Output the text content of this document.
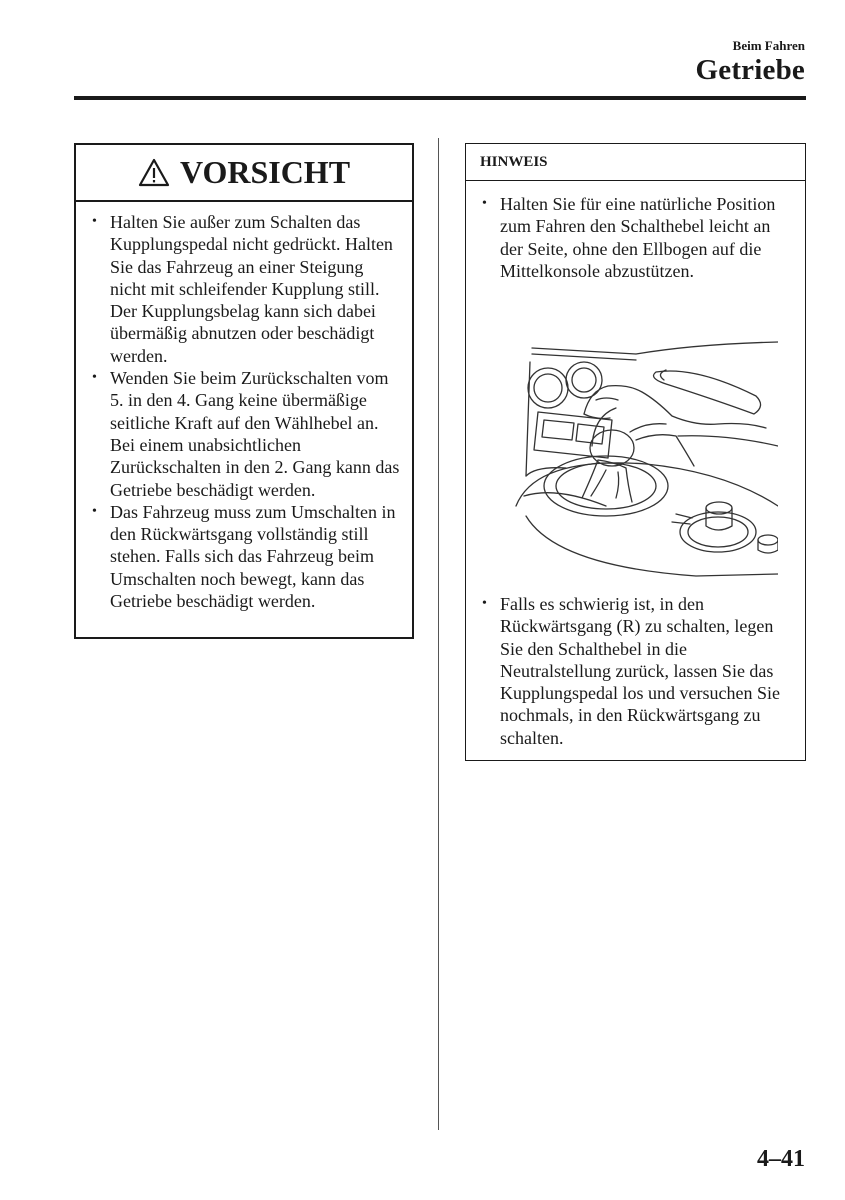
Beim Fahren
Getriebe
VORSICHT
• Halten Sie außer zum Schalten das Kupplungspedal nicht gedrückt. Halten Sie das Fahrzeug an einer Steigung nicht mit schleifender Kupplung still. Der Kupplungsbelag kann sich dabei übermäßig abnutzen oder beschädigt werden.
• Wenden Sie beim Zurückschalten vom 5. in den 4. Gang keine übermäßige seitliche Kraft auf den Wählhebel an. Bei einem unabsichtlichen Zurückschalten in den 2. Gang kann das Getriebe beschädigt werden.
• Das Fahrzeug muss zum Umschalten in den Rückwärtsgang vollständig still stehen. Falls sich das Fahrzeug beim Umschalten noch bewegt, kann das Getriebe beschädigt werden.
HINWEIS
• Halten Sie für eine natürliche Position zum Fahren den Schalthebel leicht an der Seite, ohne den Ellbogen auf die Mittelkonsole abzustützen.
• Falls es schwierig ist, in den Rückwärtsgang (R) zu schalten, legen Sie den Schalthebel in die Neutralstellung zurück, lassen Sie das Kupplungspedal los und versuchen Sie nochmals, in den Rückwärtsgang zu schalten.
4–41
